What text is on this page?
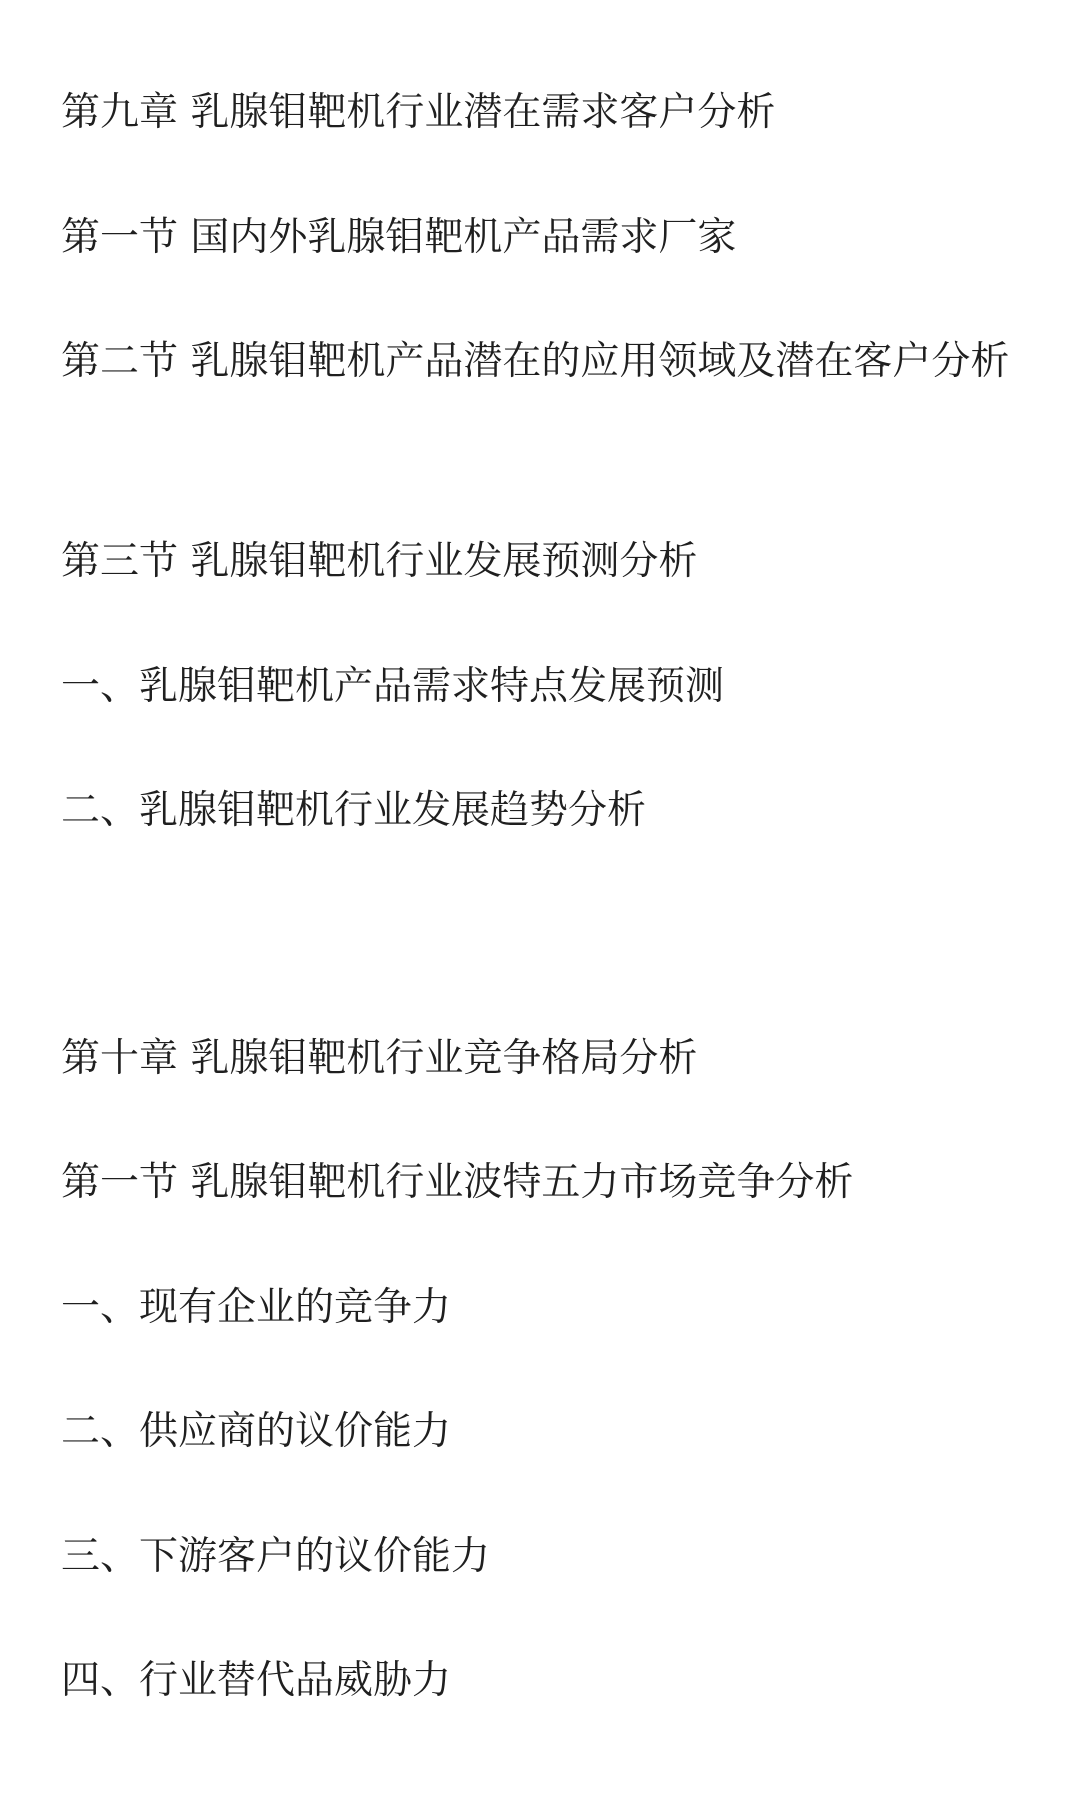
第九章 乳腺钼靶机行业潜在需求客户分析

第一节 国内外乳腺钼靶机产品需求厂家

第二节 乳腺钼靶机产品潜在的应用领域及潜在客户分析

第三节 乳腺钼靶机行业发展预测分析

一、乳腺钼靶机产品需求特点发展预测

二、乳腺钼靶机行业发展趋势分析

第十章 乳腺钼靶机行业竞争格局分析

第一节 乳腺钼靶机行业波特五力市场竞争分析

一、现有企业的竞争力

二、供应商的议价能力

三、下游客户的议价能力

四、行业替代品威胁力
